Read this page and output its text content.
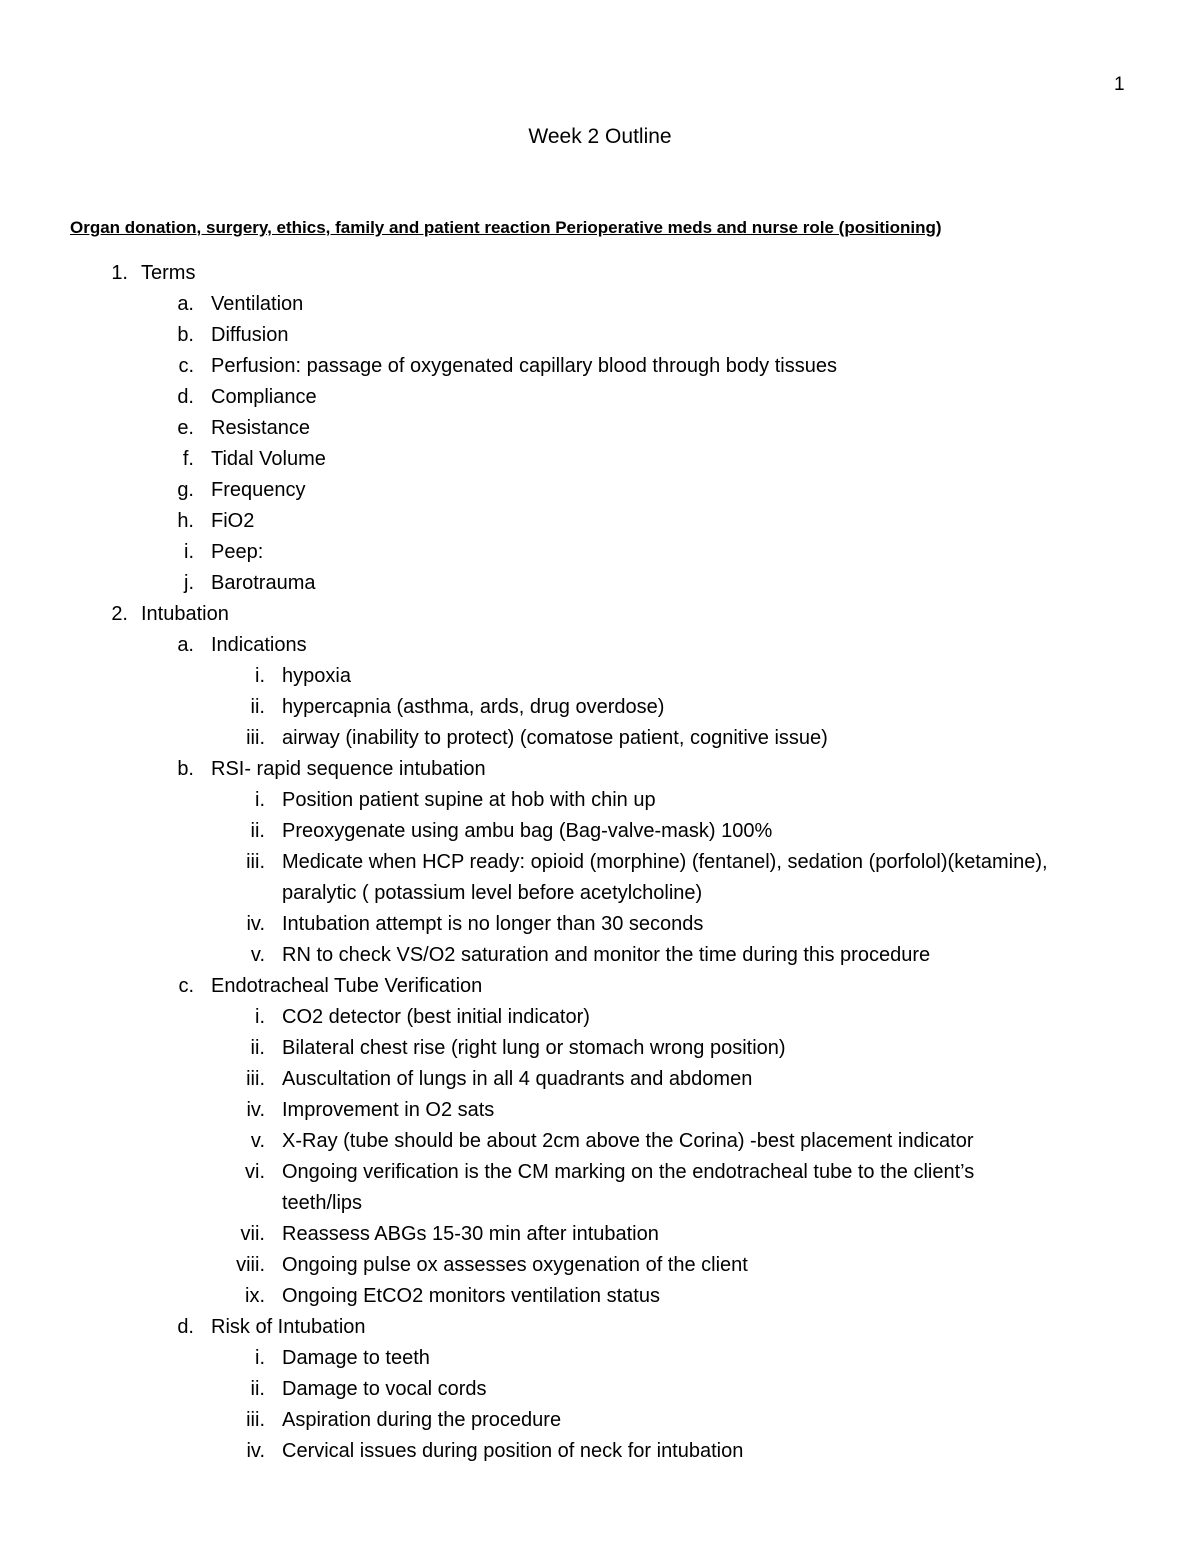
1
Week 2 Outline
Organ donation, surgery, ethics, family and patient reaction Perioperative meds and nurse role (positioning)
1. Terms
a. Ventilation
b. Diffusion
c. Perfusion: passage of oxygenated capillary blood through body tissues
d. Compliance
e. Resistance
f. Tidal Volume
g. Frequency
h. FiO2
i. Peep:
j. Barotrauma
2. Intubation
a. Indications
i. hypoxia
ii. hypercapnia (asthma, ards, drug overdose)
iii. airway (inability to protect) (comatose patient, cognitive issue)
b. RSI- rapid sequence intubation
i. Position patient supine at hob with chin up
ii. Preoxygenate using ambu bag (Bag-valve-mask) 100%
iii. Medicate when HCP ready: opioid (morphine) (fentanel), sedation (porfolol)(ketamine),
paralytic ( potassium level before acetylcholine)
iv. Intubation attempt is no longer than 30 seconds
v. RN to check VS/O2 saturation and monitor the time during this procedure
c. Endotracheal Tube Verification
i. CO2 detector (best initial indicator)
ii. Bilateral chest rise (right lung or stomach wrong position)
iii. Auscultation of lungs in all 4 quadrants and abdomen
iv. Improvement in O2 sats
v. X-Ray (tube should be about 2cm above the Corina) -best placement indicator
vi. Ongoing verification is the CM marking on the endotracheal tube to the client’s
teeth/lips
vii. Reassess ABGs 15-30 min after intubation
viii. Ongoing pulse ox assesses oxygenation of the client
ix. Ongoing EtCO2 monitors ventilation status
d. Risk of Intubation
i. Damage to teeth
ii. Damage to vocal cords
iii. Aspiration during the procedure
iv. Cervical issues during position of neck for intubation
